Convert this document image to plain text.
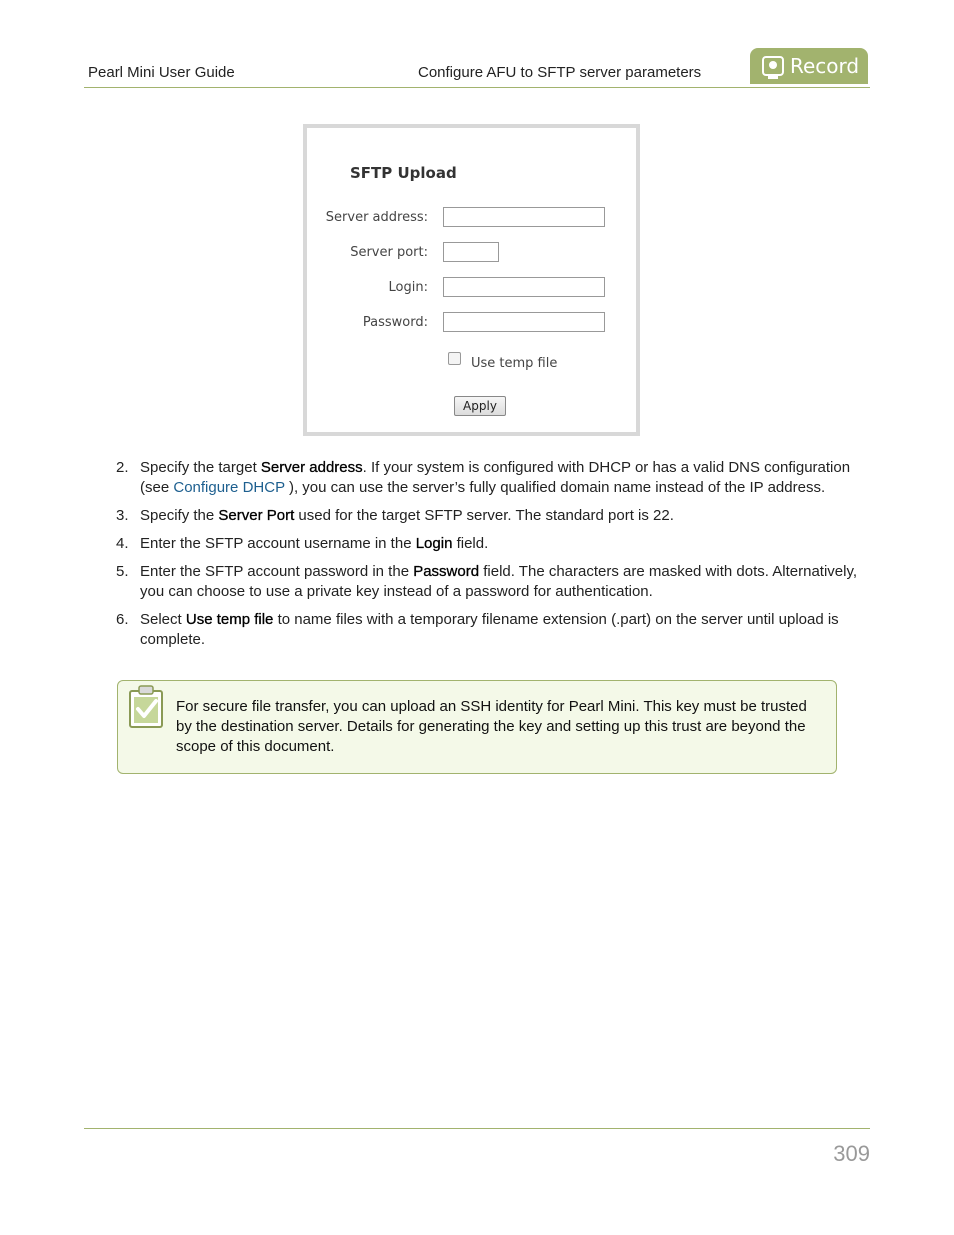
Pearl Mini User Guide	Configure AFU to SFTP server parameters	Record
SFTP Upload
Server address:
Server port:
Login:
Password:
Use temp file
Apply
2. Specify the target Server address. If your system is configured with DHCP or has a valid DNS configuration (see Configure DHCP ), you can use the server’s fully qualified domain name instead of the IP address.
3. Specify the Server Port used for the target SFTP server. The standard port is 22.
4. Enter the SFTP account username in the Login field.
5. Enter the SFTP account password in the Password field. The characters are masked with dots. Alternatively, you can choose to use a private key instead of a password for authentication.
6. Select Use temp file to name files with a temporary filename extension (.part) on the server until upload is complete.
For secure file transfer, you can upload an SSH identity for Pearl Mini. This key must be trusted by the destination server. Details for generating the key and setting up this trust are beyond the scope of this document.
309
